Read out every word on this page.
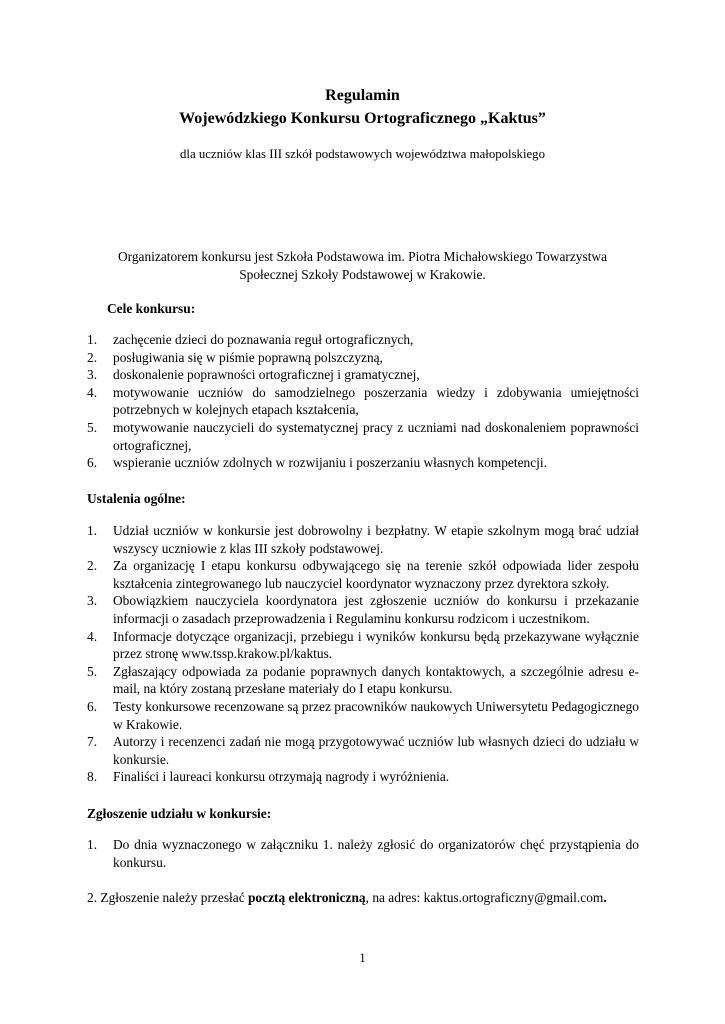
Regulamin

Wojewódzkiego Konkursu Ortograficznego „Kaktus”

dla uczniów klas III szkół podstawowych województwa małopolskiego

Organizatorem konkursu jest Szkoła Podstawowa im. Piotra Michałowskiego Towarzystwa Społecznej Szkoły Podstawowej w Krakowie.

Cele konkursu:

1. zachęcenie dzieci do poznawania reguł ortograficznych,
2. posługiwania się w piśmie poprawną polszczyzną,
3. doskonalenie poprawności ortograficznej i gramatycznej,
4. motywowanie uczniów do samodzielnego poszerzania wiedzy i zdobywania umiejętności potrzebnych w kolejnych etapach kształcenia,
5. motywowanie nauczycieli do systematycznej pracy z uczniami nad doskonaleniem poprawności ortograficznej,
6. wspieranie uczniów zdolnych w rozwijaniu i poszerzaniu własnych kompetencji.

Ustalenia ogólne:

1. Udział uczniów w konkursie jest dobrowolny i bezpłatny. W etapie szkolnym mogą brać udział wszyscy uczniowie z klas III szkoły podstawowej.
2. Za organizację I etapu konkursu odbywającego się na terenie szkół odpowiada lider zespołu kształcenia zintegrowanego lub nauczyciel koordynator wyznaczony przez dyrektora szkoły.
3. Obowiązkiem nauczyciela koordynatora jest zgłoszenie uczniów do konkursu i przekazanie informacji o zasadach przeprowadzenia i Regulaminu konkursu rodzicom i uczestnikom.
4. Informacje dotyczące organizacji, przebiegu i wyników konkursu będą przekazywane wyłącznie przez stronę www.tssp.krakow.pl/kaktus.
5. Zgłaszający odpowiada za podanie poprawnych danych kontaktowych, a szczególnie adresu e-mail, na który zostaną przesłane materiały do I etapu konkursu.
6. Testy konkursowe recenzowane są przez pracowników naukowych Uniwersytetu Pedagogicznego w Krakowie.
7. Autorzy i recenzenci zadań nie mogą przygotowywać uczniów lub własnych dzieci do udziału w konkursie.
8. Finaliści i laureaci konkursu otrzymają nagrody i wyróżnienia.

Zgłoszenie udziału w konkursie:

1. Do dnia wyznaczonego w załączniku 1. należy zgłosić do organizatorów chęć przystąpienia do konkursu.

2. Zgłoszenie należy przesłać pocztą elektroniczną, na adres: kaktus.ortograficzny@gmail.com.

1
